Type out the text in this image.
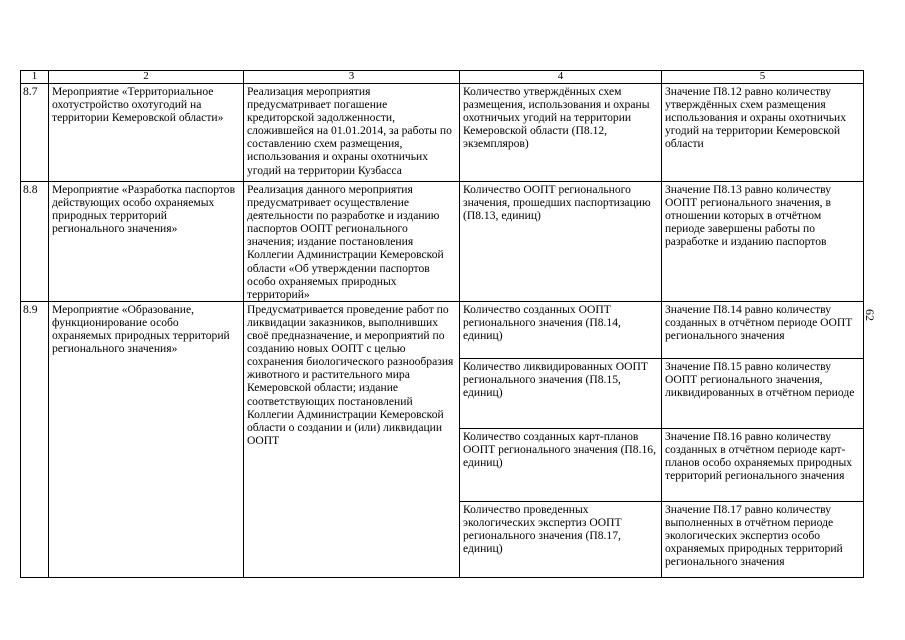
1	2	3	4	5
8.7	Мероприятие «Территориальное охотустройство охотугодий на территории Кемеровской области»	Реализация мероприятия предусматривает погашение кредиторской задолженности, сложившейся на 01.01.2014, за работы по составлению схем размещения, использования и охраны охотничьих угодий на территории Кузбасса	Количество утверждённых схем размещения, использования и охраны охотничьих угодий на территории Кемеровской области (П8.12, экземпляров)	Значение П8.12 равно количеству утверждённых схем размещения использования и охраны охотничьих угодий на территории Кемеровской области
8.8	Мероприятие «Разработка паспортов действующих особо охраняемых природных территорий регионального значения»	Реализация данного мероприятия предусматривает осуществление деятельности по разработке и изданию паспортов ООПТ регионального значения; издание постановления Коллегии Администрации Кемеровской области «Об утверждении паспортов особо охраняемых природных территорий»	Количество ООПТ регионального значения, прошедших паспортизацию (П8.13, единиц)	Значение П8.13 равно количеству ООПТ регионального значения, в отношении которых в отчётном периоде завершены работы по разработке и изданию паспортов
8.9	Мероприятие «Образование, функционирование особо охраняемых природных территорий регионального значения»	Предусматривается проведение работ по ликвидации заказников, выполнивших своё предназначение, и мероприятий по созданию новых ООПТ с целью сохранения биологического разнообразия животного и растительного мира Кемеровской области; издание соответствующих постановлений Коллегии Администрации Кемеровской области о создании и (или) ликвидации ООПТ	Количество созданных ООПТ регионального значения (П8.14, единиц)	Значение П8.14 равно количеству созданных в отчётном периоде ООПТ регионального значения
			Количество ликвидированных ООПТ регионального значения (П8.15, единиц)	Значение П8.15 равно количеству ООПТ регионального значения, ликвидированных в отчётном периоде
			Количество созданных карт-планов ООПТ регионального значения (П8.16, единиц)	Значение П8.16 равно количеству созданных в отчётном периоде карт-планов особо охраняемых природных территорий регионального значения
			Количество проведенных экологических экспертиз ООПТ регионального значения (П8.17, единиц)	Значение П8.17 равно количеству выполненных в отчётном периоде экологических экспертиз особо охраняемых природных территорий регионального значения
62
